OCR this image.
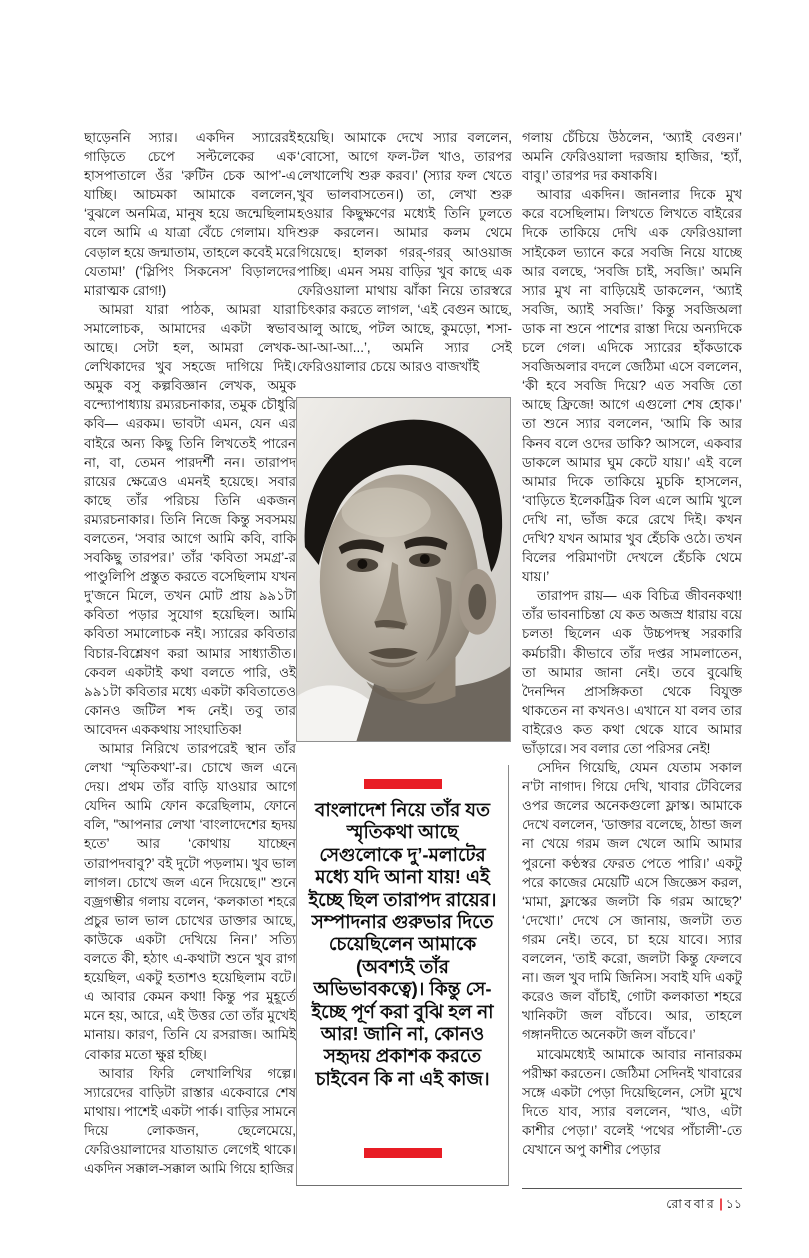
ছাড়েননি স্যার। একদিন স্যারেরই গাড়িতে চেপে সল্টলেকের এক হাসপাতালে ওঁর ‘রুটিন চেক আপ’-এ যাচ্ছি। আচমকা আমাকে বললেন, ‘বুঝলে অনমিত্র, মানুষ হয়ে জন্মেছিলাম বলে আমি এ যাত্রা বেঁচে গেলাম। যদি বেড়াল হয়ে জন্মাতাম, তাহলে কবেই মরে যেতাম!’ (‘স্লিপিং সিকনেস’ বিড়ালদের মারাত্মক রোগ!)

আমরা যারা পাঠক, আমরা যারা সমালোচক, আমাদের একটা স্বভাব আছে। সেটা হল, আমরা লেখক-লেখিকাদের খুব সহজে দাগিয়ে দিই। অমুক বসু কল্পবিজ্ঞান লেখক, অমুক বন্দ্যোপাধ্যায় রম্যরচনাকার, তমুক চৌধুরি কবি— এরকম। ভাবটা এমন, যেন এর বাইরে অন্য কিছু তিনি লিখতেই পারেন না, বা, তেমন পারদর্শী নন। তারাপদ রায়ের ক্ষেত্রেও এমনই হয়েছে। সবার কাছে তাঁর পরিচয় তিনি একজন রম্যরচনাকার। তিনি নিজে কিন্তু সবসময় বলতেন, ‘সবার আগে আমি কবি, বাকি সবকিছু তারপর।’ তাঁর ‘কবিতা সমগ্র’-র পাণ্ডুলিপি প্রস্তুত করতে বসেছিলাম যখন দু’জনে মিলে, তখন মোট প্রায় ৯৯১টা কবিতা পড়ার সুযোগ হয়েছিল। আমি কবিতা সমালোচক নই। স্যারের কবিতার বিচার-বিশ্লেষণ করা আমার সাধ্যাতীত। কেবল একটাই কথা বলতে পারি, ওই ৯৯১টা কবিতার মধ্যে একটা কবিতাতেও কোনও জটিল শব্দ নেই। তবু তার আবেদন এককথায় সাংঘাতিক!

আমার নিরিখে তারপরেই স্থান তাঁর লেখা ‘স্মৃতিকথা’-র। চোখে জল এনে দেয়। প্রথম তাঁর বাড়ি যাওয়ার আগে যেদিন আমি ফোন করেছিলাম, ফোনে বলি, "আপনার লেখা ‘বাংলাদেশের হৃদয় হতে’ আর ‘কোথায় যাচ্ছেন তারাপদবাবু?’ বই দুটো পড়লাম। খুব ভাল লাগল। চোখে জল এনে দিয়েছে।" শুনে বজ্রগম্ভীর গলায় বলেন, ‘কলকাতা শহরে প্রচুর ভাল ভাল চোখের ডাক্তার আছে, কাউকে একটা দেখিয়ে নিন।’ সত্যি বলতে কী, হঠাৎ এ-কথাটা শুনে খুব রাগ হয়েছিল, একটু হতাশও হয়েছিলাম বটে। এ আবার কেমন কথা! কিন্তু পর মুহূর্তে মনে হয়, আরে, এই উত্তর তো তাঁর মুখেই মানায়। কারণ, তিনি যে রসরাজ। আমিই বোকার মতো ক্ষুণ্ণ হচ্ছি।

আবার ফিরি লেখালিখির গল্পে। স্যারেদের বাড়িটা রাস্তার একেবারে শেষ মাথায়। পাশেই একটা পার্ক। বাড়ির সামনে দিয়ে লোকজন, ছেলেমেয়ে, ফেরিওয়ালাদের যাতায়াত লেগেই থাকে। একদিন সক্কাল-সক্কাল আমি গিয়ে হাজির

হয়েছি। আমাকে দেখে স্যার বললেন, ‘বোসো, আগে ফল-টল খাও, তারপর লেখালেখি শুরু করব।’ (স্যার ফল খেতে খুব ভালবাসতেন।) তা, লেখা শুরু হওয়ার কিছুক্ষণের মধ্যেই তিনি ঢুলতে শুরু করলেন। আমার কলম থেমে গিয়েছে। হালকা গরর্‌-গরর্‌ আওয়াজ পাচ্ছি। এমন সময় বাড়ির খুব কাছে এক ফেরিওয়ালা মাথায় ঝাঁকা নিয়ে তারস্বরে চিৎকার করতে লাগল, ‘এই বেগুন আছে, আলু আছে, পটল আছে, কুমড়ো, শসা-আ-আ-আ...’, অমনি স্যার সেই ফেরিওয়ালার চেয়ে আরও বাজখাঁই

বাংলাদেশ নিয়ে তাঁর যত স্মৃতিকথা আছে সেগুলোকে দু’-মলাটের মধ্যে যদি আনা যায়! এই ইচ্ছে ছিল তারাপদ রায়ের। সম্পাদনার গুরুভার দিতে চেয়েছিলেন আমাকে (অবশ্যই তাঁর অভিভাবকত্বে)। কিন্তু সে-ইচ্ছে পূর্ণ করা বুঝি হল না আর! জানি না, কোনও সহৃদয় প্রকাশক করতে চাইবেন কি না এই কাজ।

গলায় চেঁচিয়ে উঠলেন, ‘অ্যাই বেগুন।’ অমনি ফেরিওয়ালা দরজায় হাজির, ‘হ্যাঁ, বাবু।’ তারপর দর কষাকষি।

আবার একদিন। জানলার দিকে মুখ করে বসেছিলাম। লিখতে লিখতে বাইরের দিকে তাকিয়ে দেখি এক ফেরিওয়ালা সাইকেল ভ্যানে করে সবজি নিয়ে যাচ্ছে আর বলছে, ‘সবজি চাই, সবজি।’ অমনি স্যার মুখ না বাড়িয়েই ডাকলেন, ‘অ্যাই সবজি, অ্যাই সবজি।’ কিন্তু সবজিঅলা ডাক না শুনে পাশের রাস্তা দিয়ে অন্যদিকে চলে গেল। এদিকে স্যারের হাঁকডাকে সবজিঅলার বদলে জেঠিমা এসে বললেন, ‘কী হবে সবজি দিয়ে? এত সবজি তো আছে ফ্রিজে! আগে এগুলো শেষ হোক।’ তা শুনে স্যার বললেন, ‘আমি কি আর কিনব বলে ওদের ডাকি? আসলে, একবার ডাকলে আমার ঘুম কেটে যায়।’ এই বলে আমার দিকে তাকিয়ে মুচকি হাসলেন, ‘বাড়িতে ইলেকট্রিক বিল এলে আমি খুলে দেখি না, ভাঁজ করে রেখে দিই। কখন দেখি? যখন আমার খুব হেঁচকি ওঠে। তখন বিলের পরিমাণটা দেখলে হেঁচকি থেমে যায়।’

তারাপদ রায়— এক বিচিত্র জীবনকথা! তাঁর ভাবনাচিন্তা যে কত অজস্র ধারায় বয়ে চলত! ছিলেন এক উচ্চপদস্থ সরকারি কর্মচারী। কীভাবে তাঁর দপ্তর সামলাতেন, তা আমার জানা নেই। তবে বুঝেছি দৈনন্দিন প্রাসঙ্গিকতা থেকে বিযুক্ত থাকতেন না কখনও। এখানে যা বলব তার বাইরেও কত কথা থেকে যাবে আমার ভাঁড়ারে। সব বলার তো পরিসর নেই!

সেদিন গিয়েছি, যেমন যেতাম সকাল ন’টা নাগাদ। গিয়ে দেখি, খাবার টেবিলের ওপর জলের অনেকগুলো ফ্লাস্ক। আমাকে দেখে বললেন, ‘ডাক্তার বলেছে, ঠান্ডা জল না খেয়ে গরম জল খেলে আমি আমার পুরনো কণ্ঠস্বর ফেরত পেতে পারি।’ একটু পরে কাজের মেয়েটি এসে জিজ্ঞেস করল, ‘মামা, ফ্লাস্কের জলটা কি গরম আছে?’ ‘দেখো।’ দেখে সে জানায়, জলটা তত গরম নেই। তবে, চা হয়ে যাবে। স্যার বললেন, ‘তাই করো, জলটা কিন্তু ফেলবে না। জল খুব দামি জিনিস। সবাই যদি একটু করেও জল বাঁচাই, গোটা কলকাতা শহরে খানিকটা জল বাঁচবে। আর, তাহলে গঙ্গানদীতে অনেকটা জল বাঁচবে।’

মাঝেমধ্যেই আমাকে আবার নানারকম পরীক্ষা করতেন। জেঠিমা সেদিনই খাবারের সঙ্গে একটা পেড়া দিয়েছিলেন, সেটা মুখে দিতে যাব, স্যার বললেন, ‘খাও, এটা কাশীর পেড়া।’ বলেই ‘পথের পাঁচালী’-তে যেখানে অপু কাশীর পেড়ার

রোববার | ১১
